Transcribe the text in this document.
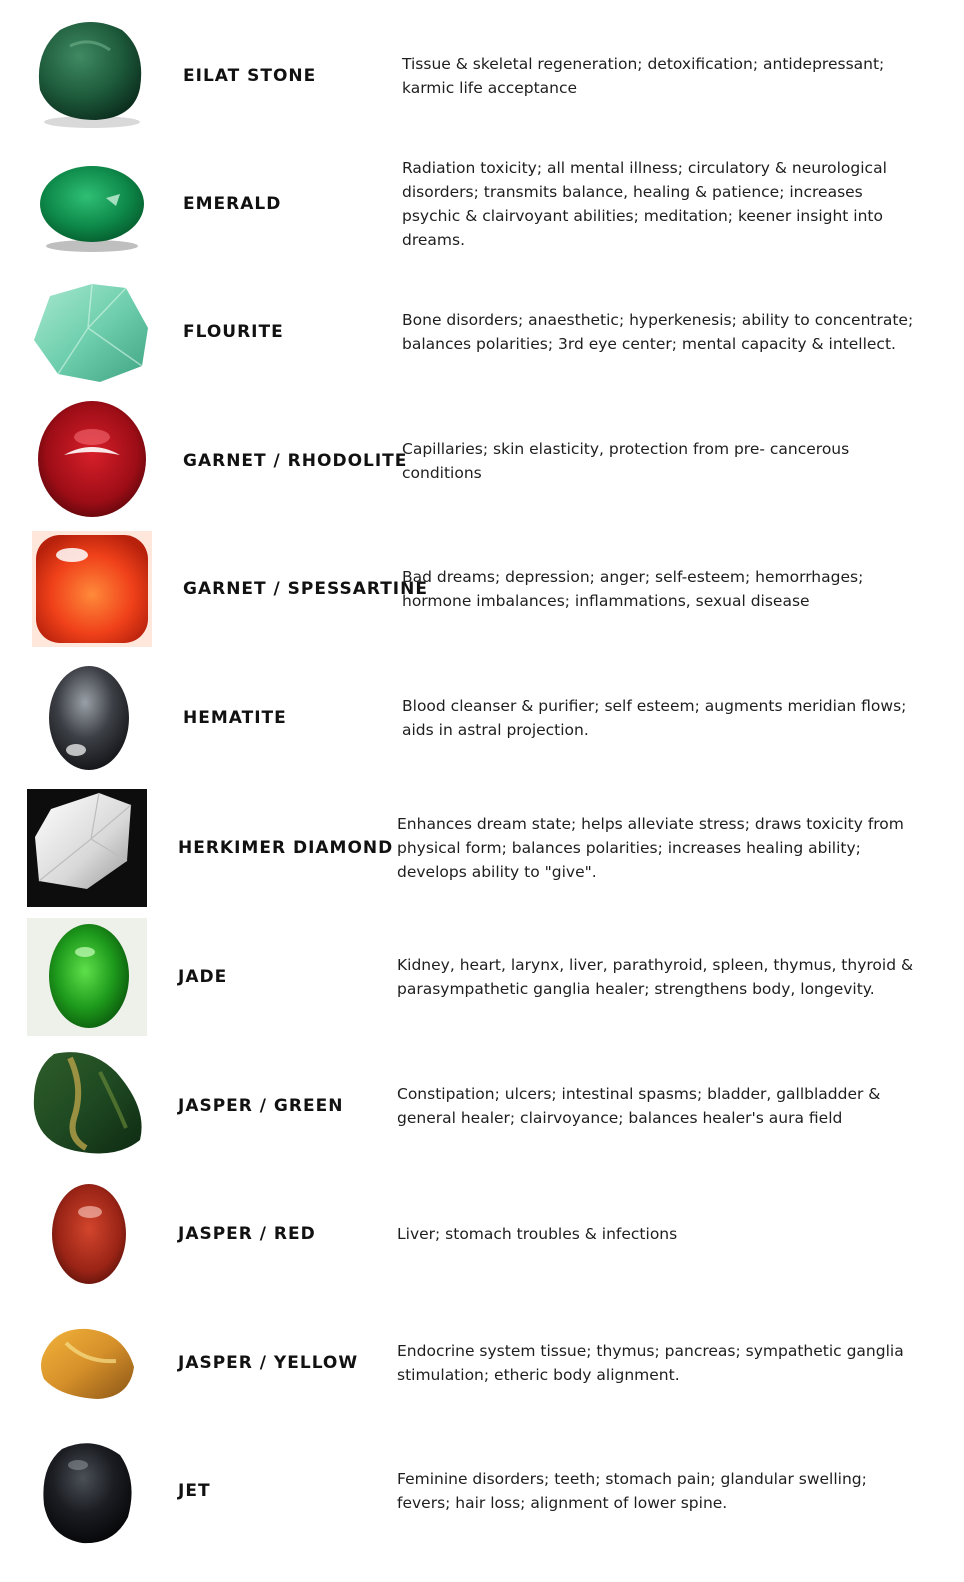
EILAT STONE
Tissue & skeletal regeneration; detoxification; antidepressant; karmic life acceptance
EMERALD
Radiation toxicity; all mental illness; circulatory & neurological disorders; transmits balance, healing & patience; increases psychic & clairvoyant abilities; meditation; keener insight into dreams.
FLOURITE
Bone disorders; anaesthetic; hyperkenesis; ability to concentrate; balances polarities; 3rd eye center; mental capacity & intellect.
GARNET / RHODOLITE
Capillaries; skin elasticity, protection from pre- cancerous conditions
GARNET / SPESSARTINE
Bad dreams; depression; anger; self-esteem; hemorrhages; hormone imbalances; inflammations, sexual disease
HEMATITE
Blood cleanser & purifier; self esteem; augments meridian flows; aids in astral projection.
HERKIMER DIAMOND
Enhances dream state; helps alleviate stress; draws toxicity from physical form; balances polarities; increases healing ability; develops ability to "give".
JADE
Kidney, heart, larynx, liver, parathyroid, spleen, thymus, thyroid & parasympathetic ganglia healer; strengthens body, longevity.
JASPER / GREEN
Constipation; ulcers; intestinal spasms; bladder, gallbladder & general healer; clairvoyance; balances healer's aura field
JASPER / RED	Liver; stomach troubles & infections
JASPER / YELLOW
Endocrine system tissue; thymus; pancreas; sympathetic ganglia stimulation; etheric body alignment.
JET
Feminine disorders; teeth; stomach pain; glandular swelling; fevers; hair loss; alignment of lower spine.
